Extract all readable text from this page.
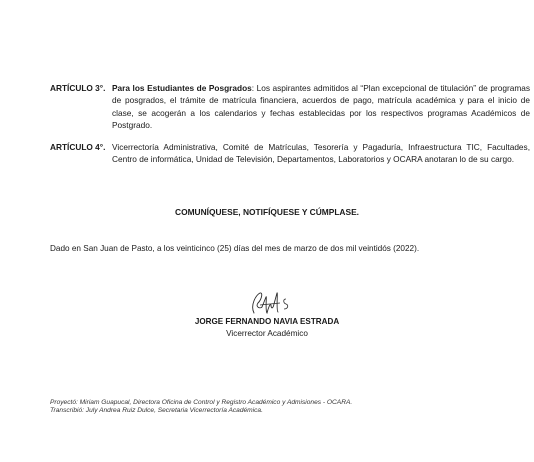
ARTÍCULO 3°. Para los Estudiantes de Posgrados: Los aspirantes admitidos al “Plan excepcional de titulación” de programas de posgrados, el trámite de matrícula financiera, acuerdos de pago, matrícula académica y para el inicio de clase, se acogerán a los calendarios y fechas establecidas por los respectivos programas Académicos de Postgrado.
ARTÍCULO 4°. Vicerrectoría Administrativa, Comité de Matrículas, Tesorería y Pagaduría, Infraestructura TIC, Facultades, Centro de informática, Unidad de Televisión, Departamentos, Laboratorios y OCARA anotaran lo de su cargo.
COMUNÍQUESE, NOTIFÍQUESE Y CÚMPLASE.
Dado en San Juan de Pasto, a los veinticinco (25) días del mes de marzo de dos mil veintidós (2022).
JORGE FERNANDO NAVIA ESTRADA
Vicerrector Académico
Proyectó: Miriam Guapucal, Directora Oficina de Control y Registro Académico y Admisiones - OCARA.
Transcribió: July Andrea Ruiz Dulce, Secretaria Vicerrectoría Académica.
